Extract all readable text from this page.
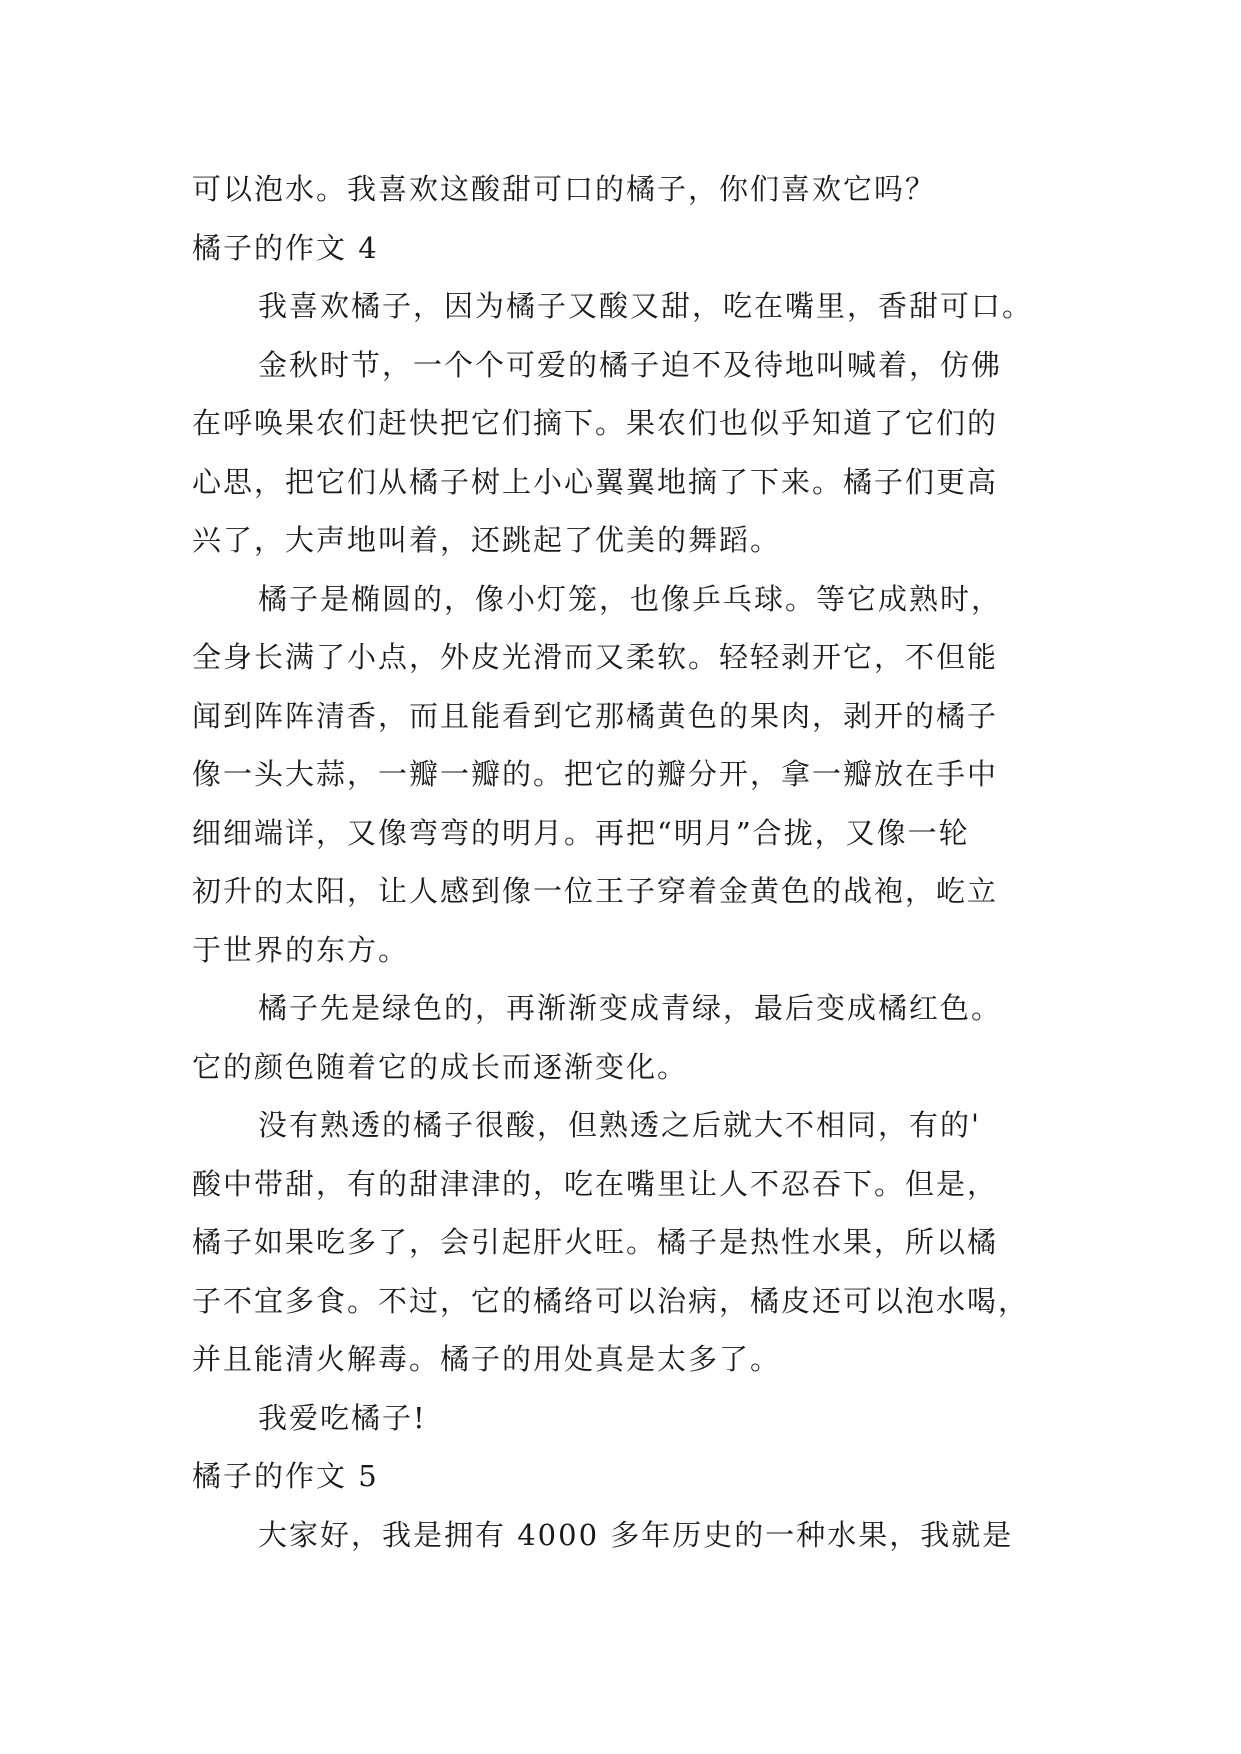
可以泡水。我喜欢这酸甜可口的橘子，你们喜欢它吗？
橘子的作文 4
我喜欢橘子，因为橘子又酸又甜，吃在嘴里，香甜可口。
金秋时节，一个个可爱的橘子迫不及待地叫喊着，仿佛
在呼唤果农们赶快把它们摘下。果农们也似乎知道了它们的
心思，把它们从橘子树上小心翼翼地摘了下来。橘子们更高
兴了，大声地叫着，还跳起了优美的舞蹈。
橘子是椭圆的，像小灯笼，也像乒乓球。等它成熟时，
全身长满了小点，外皮光滑而又柔软。轻轻剥开它，不但能
闻到阵阵清香，而且能看到它那橘黄色的果肉，剥开的橘子
像一头大蒜，一瓣一瓣的。把它的瓣分开，拿一瓣放在手中
细细端详，又像弯弯的明月。再把“明月”合拢，又像一轮
初升的太阳，让人感到像一位王子穿着金黄色的战袍，屹立
于世界的东方。
橘子先是绿色的，再渐渐变成青绿，最后变成橘红色。
它的颜色随着它的成长而逐渐变化。
没有熟透的橘子很酸，但熟透之后就大不相同，有的'
酸中带甜，有的甜津津的，吃在嘴里让人不忍吞下。但是，
橘子如果吃多了，会引起肝火旺。橘子是热性水果，所以橘
子不宜多食。不过，它的橘络可以治病，橘皮还可以泡水喝，
并且能清火解毒。橘子的用处真是太多了。
我爱吃橘子!
橘子的作文 5
大家好，我是拥有 4000 多年历史的一种水果，我就是
